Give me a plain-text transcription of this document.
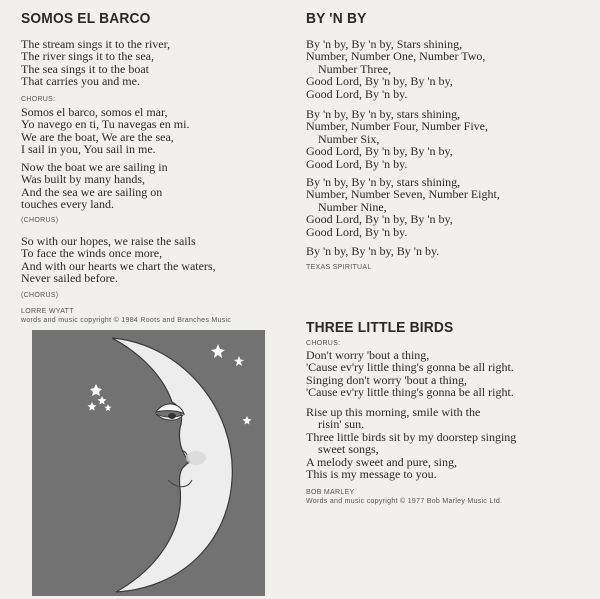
SOMOS EL BARCO
The stream sings it to the river,
The river sings it to the sea,
The sea sings it to the boat
That carries you and me.
CHORUS:
Somos el barco, somos el mar,
Yo navego en ti, Tu navegas en mi.
We are the boat, We are the sea,
I sail in you, You sail in me.
Now the boat we are sailing in
Was built by many hands,
And the sea we are sailing on
touches every land.
(CHORUS)
So with our hopes, we raise the sails
To face the winds once more,
And with our hearts we chart the waters,
Never sailed before.
(CHORUS)
LORRE WYATT
words and music copyright © 1984 Roots and Branches Music
BY 'N BY
By 'n by, By 'n by, Stars shining,
Number, Number One, Number Two,
Number Three,
Good Lord, By 'n by, By 'n by,
Good Lord, By 'n by.
By 'n by, By 'n by, stars shining,
Number, Number Four, Number Five,
Number Six,
Good Lord, By 'n by, By 'n by,
Good Lord, By 'n by.
By 'n by, By 'n by, stars shining,
Number, Number Seven, Number Eight,
Number Nine,
Good Lord, By 'n by, By 'n by,
Good Lord, By 'n by.
By 'n by, By 'n by, By 'n by.
TEXAS SPIRITUAL
THREE LITTLE BIRDS
CHORUS:
Don't worry 'bout a thing,
'Cause ev'ry little thing's gonna be all right.
Singing don't worry 'bout a thing,
'Cause ev'ry little thing's gonna be all right.
Rise up this morning, smile with the
risin' sun.
Three little birds sit by my doorstep singing
sweet songs,
A melody sweet and pure, sing,
This is my message to you.
BOB MARLEY
Words and music copyright © 1977 Bob Marley Music Ltd.
